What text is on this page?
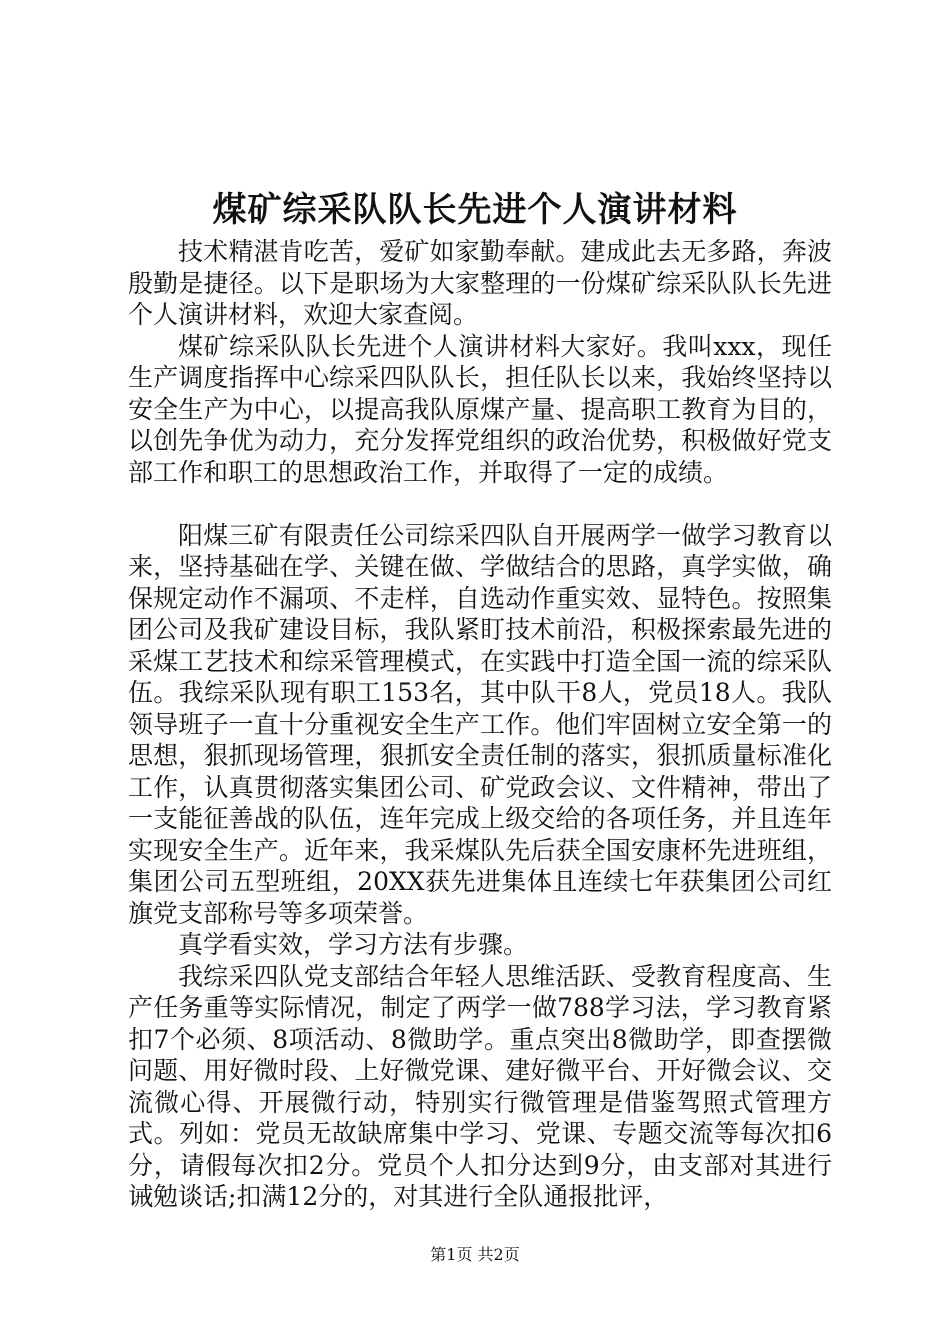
煤矿综采队队长先进个人演讲材料

技术精湛肯吃苦，爱矿如家勤奉献。建成此去无多路，奔波殷勤是捷径。以下是职场为大家整理的一份煤矿综采队队长先进个人演讲材料，欢迎大家查阅。

煤矿综采队队长先进个人演讲材料大家好。我叫xxx，现任生产调度指挥中心综采四队队长，担任队长以来，我始终坚持以安全生产为中心，以提高我队原煤产量、提高职工教育为目的，以创先争优为动力，充分发挥党组织的政治优势，积极做好党支部工作和职工的思想政治工作，并取得了一定的成绩。

阳煤三矿有限责任公司综采四队自开展两学一做学习教育以来，坚持基础在学、关键在做、学做结合的思路，真学实做，确保规定动作不漏项、不走样，自选动作重实效、显特色。按照集团公司及我矿建设目标，我队紧盯技术前沿，积极探索最先进的采煤工艺技术和综采管理模式，在实践中打造全国一流的综采队伍。我综采队现有职工153名，其中队干8人，党员18人。我队领导班子一直十分重视安全生产工作。他们牢固树立安全第一的思想，狠抓现场管理，狠抓安全责任制的落实，狠抓质量标准化工作，认真贯彻落实集团公司、矿党政会议、文件精神，带出了一支能征善战的队伍，连年完成上级交给的各项任务，并且连年实现安全生产。近年来，我采煤队先后获全国安康杯先进班组，集团公司五型班组，20XX获先进集体且连续七年获集团公司红旗党支部称号等多项荣誉。

真学看实效，学习方法有步骤。

我综采四队党支部结合年轻人思维活跃、受教育程度高、生产任务重等实际情况，制定了两学一做788学习法，学习教育紧扣7个必须、8项活动、8微助学。重点突出8微助学，即查摆微问题、用好微时段、上好微党课、建好微平台、开好微会议、交流微心得、开展微行动，特别实行微管理是借鉴驾照式管理方式。列如：党员无故缺席集中学习、党课、专题交流等每次扣6分，请假每次扣2分。党员个人扣分达到9分，由支部对其进行诫勉谈话;扣满12分的，对其进行全队通报批评，

第1页 共2页
